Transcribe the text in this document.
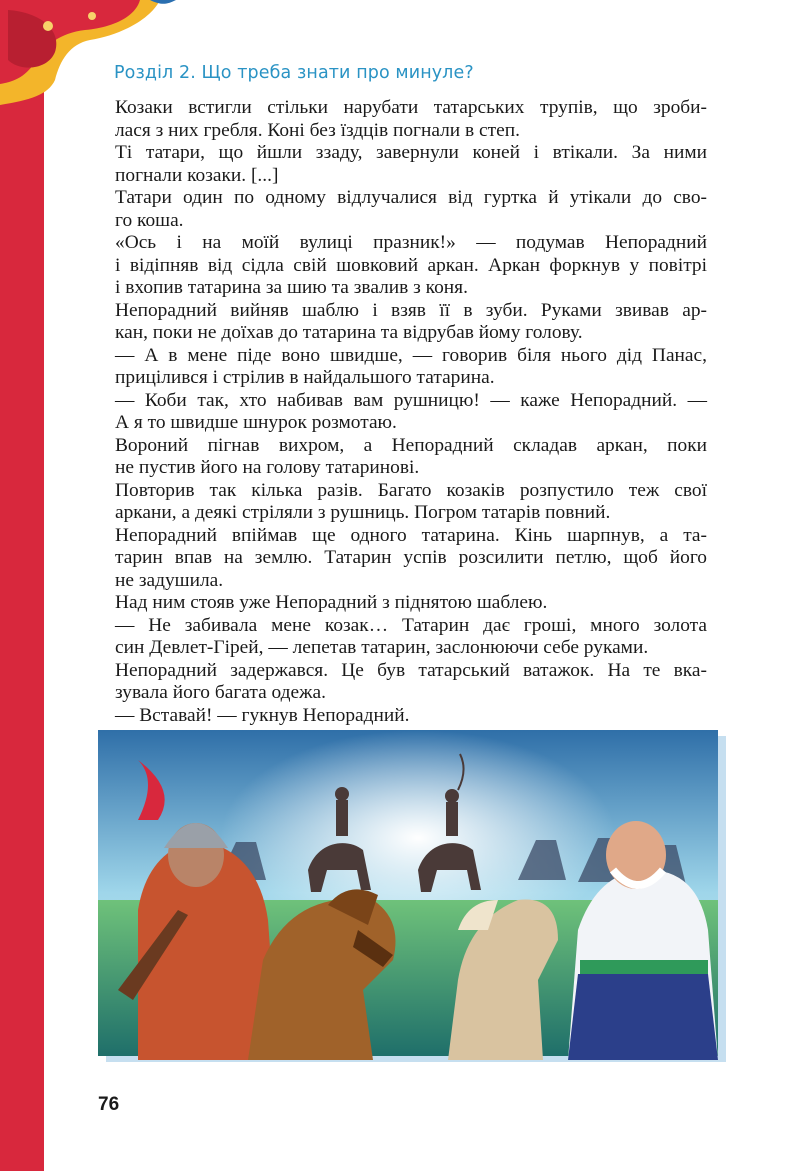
Розділ 2. Що треба знати про минуле?

Козаки встигли стільки нарубати татарських трупів, що зроби-
лася з них гребля. Коні без їздців погнали в степ.

Ті татари, що йшли ззаду, завернули коней і втікали. За ними
погнали козаки. [...]

Татари один по одному відлучалися від гуртка й утікали до сво-
го коша.

«Ось і на моїй вулиці празник!» — подумав Непорадний
і відіпняв від сідла свій шовковий аркан. Аркан форкнув у повітрі
і вхопив татарина за шию та звалив з коня.

Непорадний вийняв шаблю і взяв її в зуби. Руками звивав ар-
кан, поки не доїхав до татарина та відрубав йому голову.

— А в мене піде воно швидше, — говорив біля нього дід Панас,
прицілився і стрілив в найдальшого татарина.

— Коби так, хто набивав вам рушницю! — каже Непорадний. —
А я то швидше шнурок розмотаю.

Вороний пігнав вихром, а Непорадний складав аркан, поки
не пустив його на голову татаринові.

Повторив так кілька разів. Багато козаків розпустило теж свої
аркани, а деякі стріляли з рушниць. Погром татарів повний.

Непорадний впіймав ще одного татарина. Кінь шарпнув, а та-
тарин впав на землю. Татарин успів розсилити петлю, щоб його
не задушила.

Над ним стояв уже Непорадний з піднятою шаблею.

— Не забивала мене козак… Татарин дає гроші, много золота
син Девлет-Гірей, — лепетав татарин, заслонюючи себе руками.

Непорадний задержався. Це був татарський ватажок. На те вка-
зувала його багата одежа.

— Вставай! — гукнув Непорадний.

76
